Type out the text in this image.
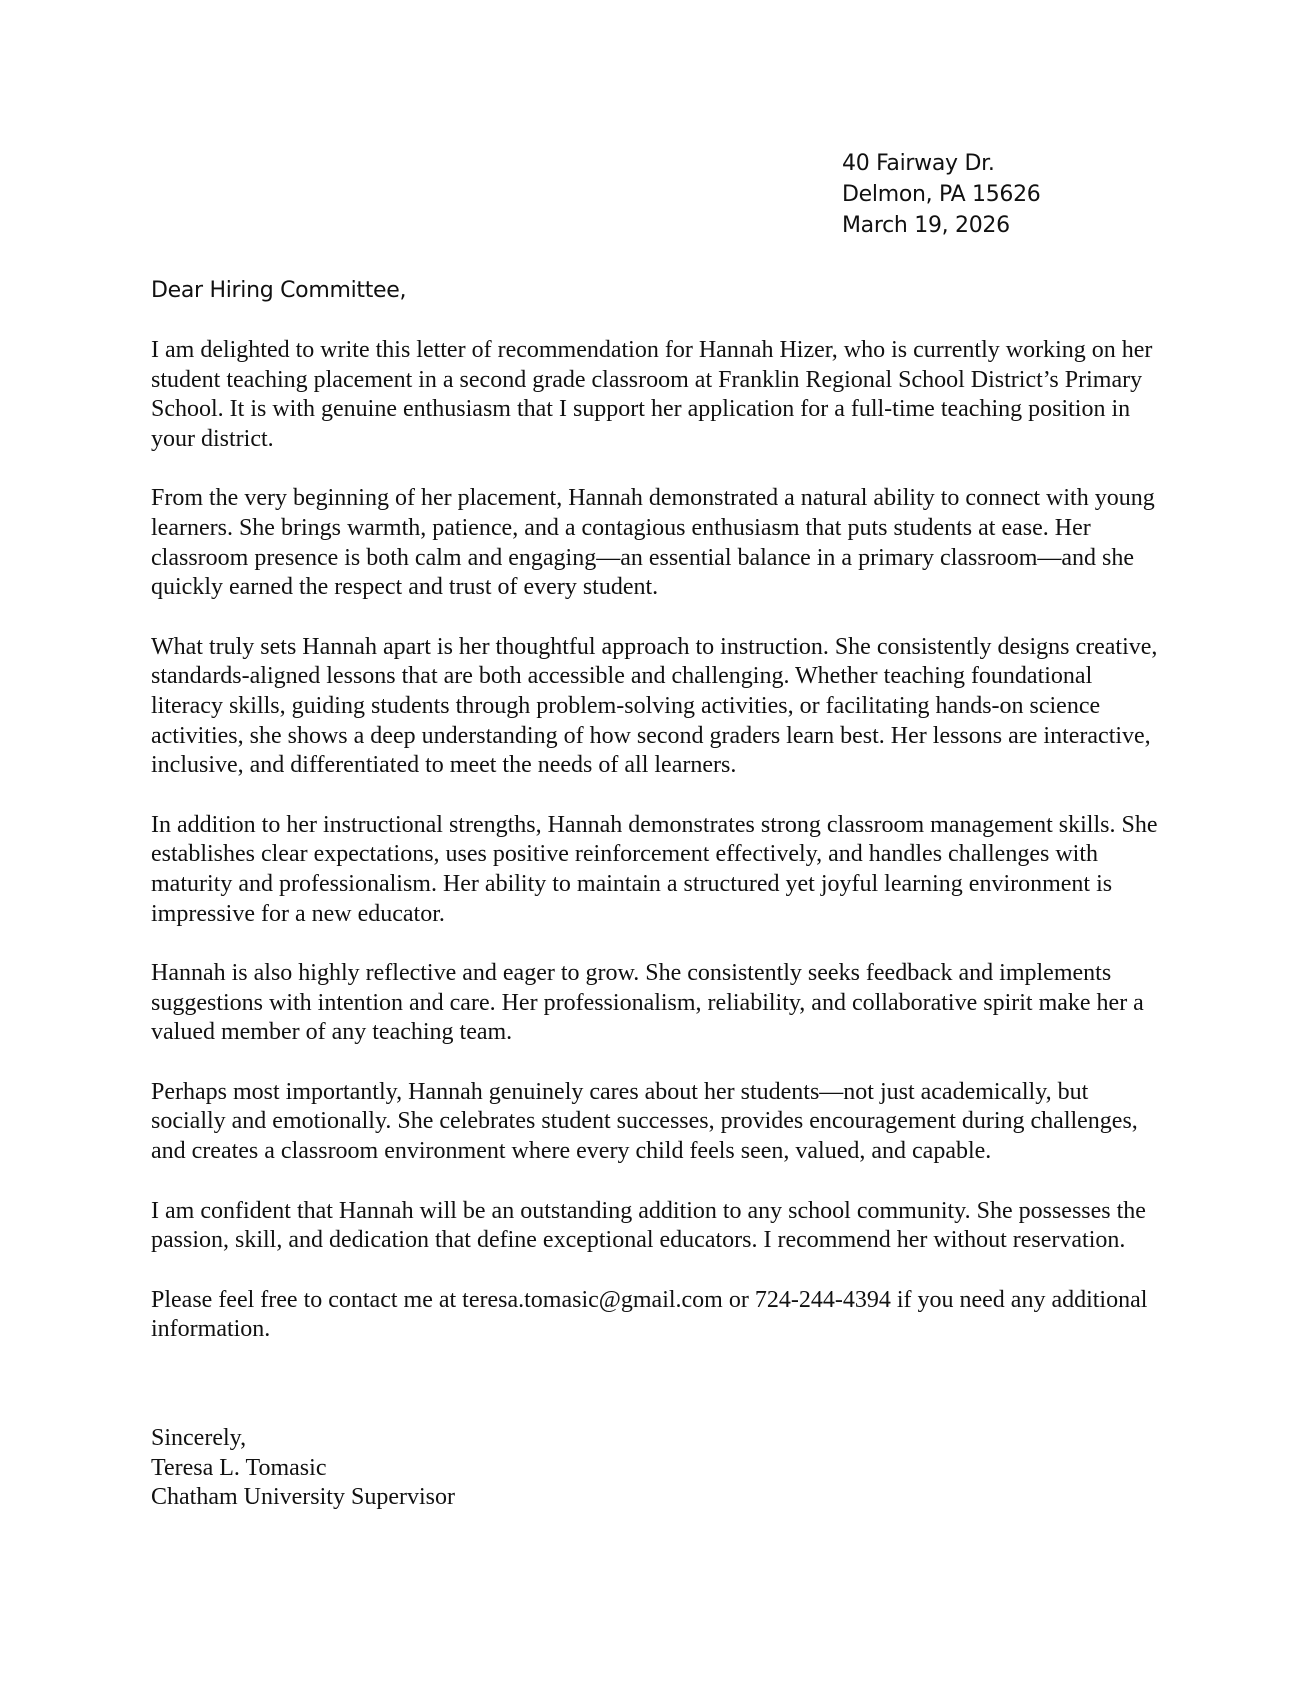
40 Fairway Dr.
Delmon, PA 15626
March 19, 2026
Dear Hiring Committee,

I am delighted to write this letter of recommendation for Hannah Hizer, who is currently working on her student teaching placement in a second grade classroom at Franklin Regional School District’s Primary School. It is with genuine enthusiasm that I support her application for a full-time teaching position in your district.

From the very beginning of her placement, Hannah demonstrated a natural ability to connect with young learners. She brings warmth, patience, and a contagious enthusiasm that puts students at ease. Her classroom presence is both calm and engaging—an essential balance in a primary classroom—and she quickly earned the respect and trust of every student.

What truly sets Hannah apart is her thoughtful approach to instruction. She consistently designs creative, standards-aligned lessons that are both accessible and challenging. Whether teaching foundational literacy skills, guiding students through problem-solving activities, or facilitating hands-on science activities, she shows a deep understanding of how second graders learn best. Her lessons are interactive, inclusive, and differentiated to meet the needs of all learners.

In addition to her instructional strengths, Hannah demonstrates strong classroom management skills. She establishes clear expectations, uses positive reinforcement effectively, and handles challenges with maturity and professionalism. Her ability to maintain a structured yet joyful learning environment is impressive for a new educator.

Hannah is also highly reflective and eager to grow. She consistently seeks feedback and implements suggestions with intention and care. Her professionalism, reliability, and collaborative spirit make her a valued member of any teaching team.

Perhaps most importantly, Hannah genuinely cares about her students—not just academically, but socially and emotionally. She celebrates student successes, provides encouragement during challenges, and creates a classroom environment where every child feels seen, valued, and capable.

I am confident that Hannah will be an outstanding addition to any school community. She possesses the passion, skill, and dedication that define exceptional educators. I recommend her without reservation.

Please feel free to contact me at teresa.tomasic@gmail.com or 724-244-4394 if you need any additional information.

Sincerely,
Teresa L. Tomasic
Chatham University Supervisor
